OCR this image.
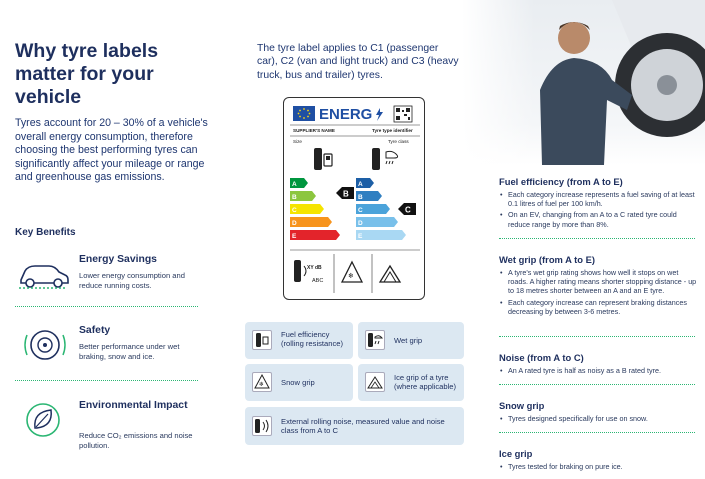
Why tyre labels matter for your vehicle
Tyres account for 20 – 30% of a vehicle's overall energy consumption, therefore choosing the best performing tyres can significantly affect your mileage or range and greenhouse gas emissions.
Key Benefits
Energy Savings
Lower energy consumption and reduce running costs.
Safety
Better performance under wet braking, snow and ice.
Environmental Impact
Reduce CO₂ emissions and noise pollution.
The tyre label applies to C1 (passenger car), C2 (van and light truck) and C3 (heavy truck, bus and trailer) tyres.
ENERG
SUPPLIER'S NAME	Tyre type identifier
Size	Tyre class
A
B
C
D
E
B
A
B
C
D
E
C
XY dB
ABC
❄
Fuel efficiency (rolling resistance)	Wet grip
❄ Snow grip
Ice grip of a tyre (where applicable)
External rolling noise, measured value and noise class from A to C
Fuel efficiency (from A to E)
• Each category increase represents a fuel saving of at least 0.1 litres of fuel per 100 km/h.
• On an EV, changing from an A to a C rated tyre could reduce range by more than 8%.
Wet grip (from A to E)
• A tyre's wet grip rating shows how well it stops on wet roads. A higher rating means shorter stopping distance - up to 18 metres shorter between an A and an E tyre.
• Each category increase can represent braking distances decreasing by between 3-6 metres.
Noise (from A to C)
• An A rated tyre is half as noisy as a B rated tyre.
Snow grip
• Tyres designed specifically for use on snow.
Ice grip
• Tyres tested for braking on pure ice.
